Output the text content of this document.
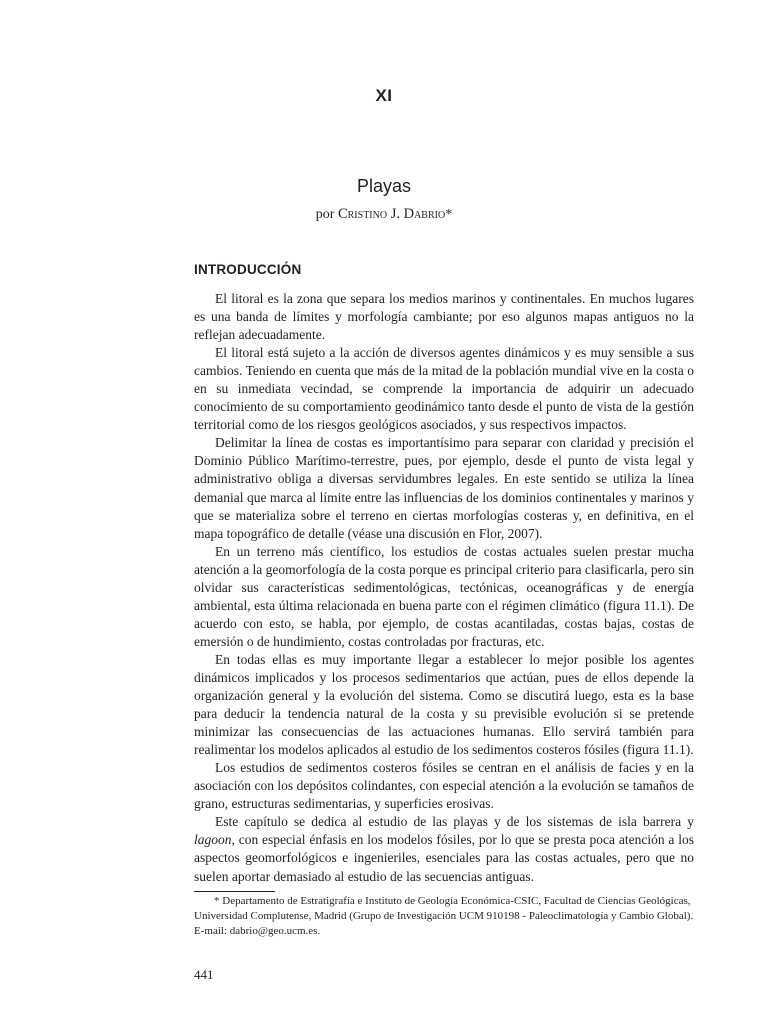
XI
Playas
por Cristino J. Dabrio*
INTRODUCCIÓN

El litoral es la zona que separa los medios marinos y continentales. En muchos lugares es una banda de límites y morfología cambiante; por eso algunos mapas antiguos no la reflejan adecuadamente.

El litoral está sujeto a la acción de diversos agentes dinámicos y es muy sensible a sus cambios. Teniendo en cuenta que más de la mitad de la población mundial vive en la costa o en su inmediata vecindad, se comprende la importancia de adquirir un adecuado conocimiento de su comportamiento geodinámico tanto desde el punto de vista de la gestión territorial como de los riesgos geológicos asociados, y sus respectivos impactos.

Delimitar la línea de costas es importantísimo para separar con claridad y precisión el Dominio Público Marítimo-terrestre, pues, por ejemplo, desde el punto de vista legal y administrativo obliga a diversas servidumbres legales. En este sentido se utiliza la línea demanial que marca al límite entre las influencias de los dominios continentales y marinos y que se materializa sobre el terreno en ciertas morfologías costeras y, en definitiva, en el mapa topográfico de detalle (véase una discusión en Flor, 2007).

En un terreno más científico, los estudios de costas actuales suelen prestar mucha atención a la geomorfología de la costa porque es principal criterio para clasificarla, pero sin olvidar sus características sedimentológicas, tectónicas, oceanográficas y de energía ambiental, esta última relacionada en buena parte con el régimen climático (figura 11.1). De acuerdo con esto, se habla, por ejemplo, de costas acantiladas, costas bajas, costas de emersión o de hundimiento, costas controladas por fracturas, etc.

En todas ellas es muy importante llegar a establecer lo mejor posible los agentes dinámicos implicados y los procesos sedimentarios que actúan, pues de ellos depende la organización general y la evolución del sistema. Como se discutirá luego, esta es la base para deducir la tendencia natural de la costa y su previsible evolución si se pretende minimizar las consecuencias de las actuaciones humanas. Ello servirá también para realimentar los modelos aplicados al estudio de los sedimentos costeros fósiles (figura 11.1).

Los estudios de sedimentos costeros fósiles se centran en el análisis de facies y en la asociación con los depósitos colindantes, con especial atención a la evolución se tamaños de grano, estructuras sedimentarias, y superficies erosivas.

Este capítulo se dedica al estudio de las playas y de los sistemas de isla barrera y lagoon, con especial énfasis en los modelos fósiles, por lo que se presta poca atención a los aspectos geomorfológicos e ingenieriles, esenciales para las costas actuales, pero que no suelen aportar demasiado al estudio de las secuencias antiguas.

* Departamento de Estratigrafía e Instituto de Geología Económica-CSIC, Facultad de Ciencias Geológicas,
Universidad Complutense, Madrid (Grupo de Investigación UCM 910198 - Paleoclimatología y Cambio Global).
E-mail: dabrio@geo.ucm.es.
441
